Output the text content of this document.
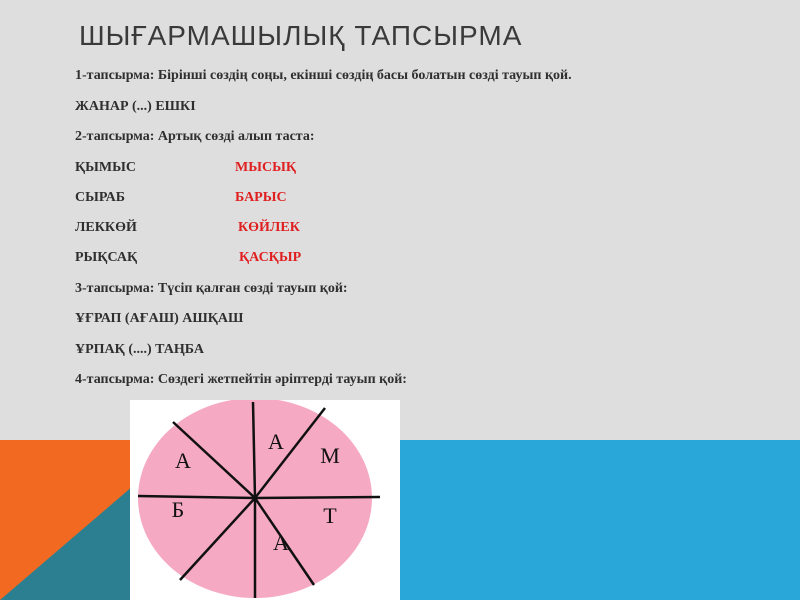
ШЫҒАРМАШЫЛЫҚ ТАПСЫРМА
1-тапсырма: Бірінші сөздің соңы, екінші сөздің басы болатын сөзді тауып қой.
ЖАНАР (...) ЕШКІ
2-тапсырма: Артық сөзді алып таста:
ҚЫМЫС	МЫСЫҚ
СЫРАБ	БАРЫС
ЛЕККӨЙ	КӨЙЛЕК
РЫҚСАҚ	ҚАСҚЫР
3-тапсырма: Түсіп қалған сөзді тауып қой:
ҰҒРАП (АҒАШ) АШҚАШ
ҰРПАҚ (....) ТАҢБА
4-тапсырма: Сөздегі жетпейтін әріптерді тауып қой:
А
М
Т
А
Б
А
